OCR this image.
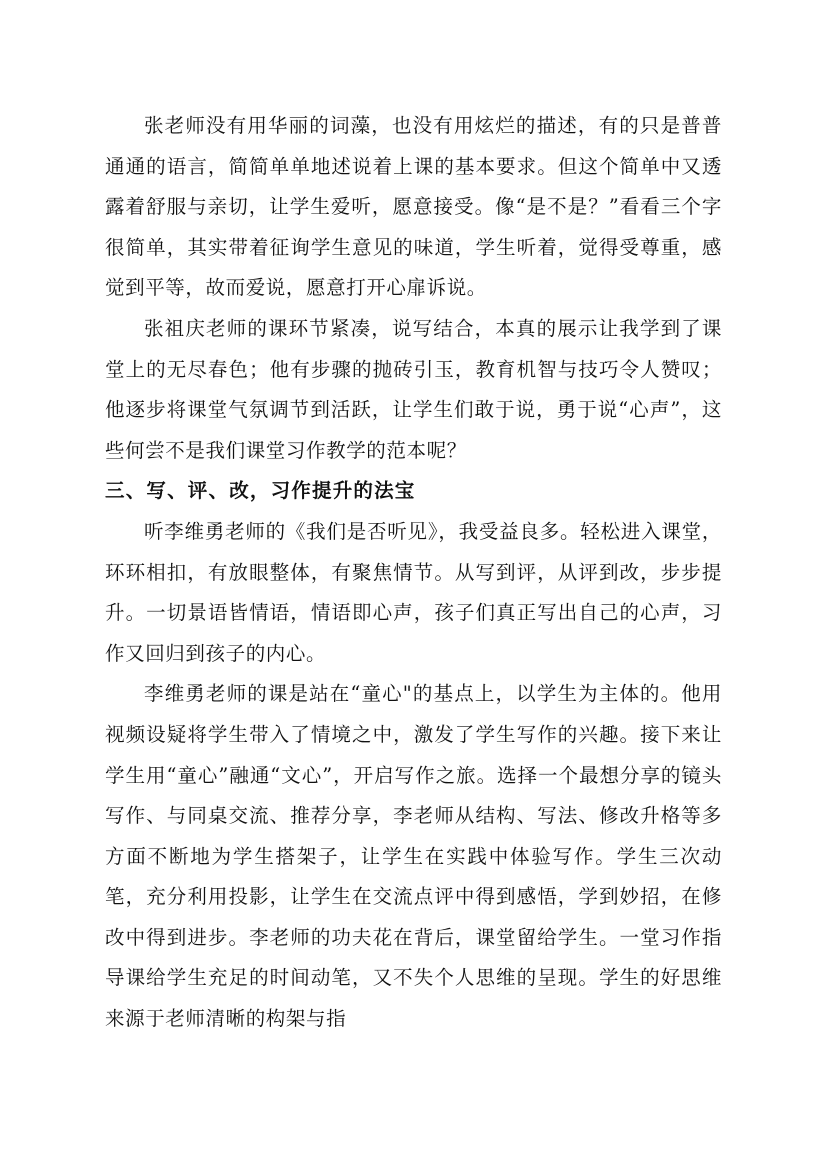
张老师没有用华丽的词藻，也没有用炫烂的描述，有的只是普普通通的语言，简简单单地述说着上课的基本要求。但这个简单中又透露着舒服与亲切，让学生爱听，愿意接受。像“是不是？”看看三个字很简单，其实带着征询学生意见的味道，学生听着，觉得受尊重，感觉到平等，故而爱说，愿意打开心扉诉说。

张祖庆老师的课环节紧凑，说写结合，本真的展示让我学到了课堂上的无尽春色；他有步骤的抛砖引玉，教育机智与技巧令人赞叹；他逐步将课堂气氛调节到活跃，让学生们敢于说，勇于说“心声”，这些何尝不是我们课堂习作教学的范本呢？

三、写、评、改，习作提升的法宝

听李维勇老师的《我们是否听见》，我受益良多。轻松进入课堂，环环相扣，有放眼整体，有聚焦情节。从写到评，从评到改，步步提升。一切景语皆情语，情语即心声，孩子们真正写出自己的心声，习作又回归到孩子的内心。

李维勇老师的课是站在“童心"的基点上，以学生为主体的。他用视频设疑将学生带入了情境之中，激发了学生写作的兴趣。接下来让学生用“童心”融通“文心”，开启写作之旅。选择一个最想分享的镜头写作、与同桌交流、推荐分享，李老师从结构、写法、修改升格等多方面不断地为学生搭架子，让学生在实践中体验写作。学生三次动笔，充分利用投影，让学生在交流点评中得到感悟，学到妙招，在修改中得到进步。李老师的功夫花在背后，课堂留给学生。一堂习作指导课给学生充足的时间动笔，又不失个人思维的呈现。学生的好思维来源于老师清晰的构架与指
